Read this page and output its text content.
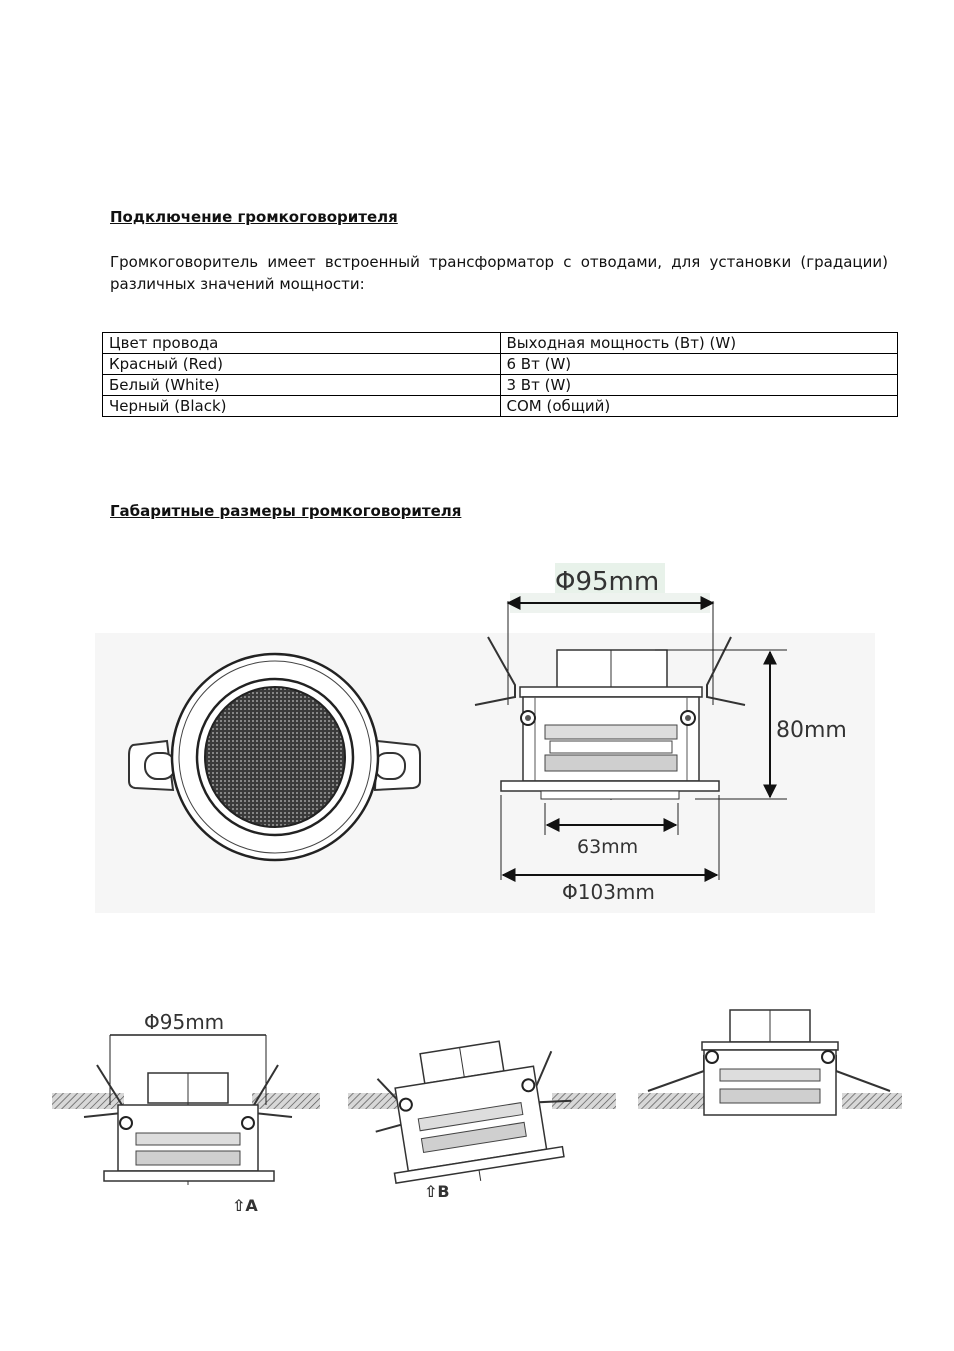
Подключение громкоговорителя

Громкоговоритель имеет встроенный трансформатор с отводами, для установки (градации) различных значений мощности:

Цвет провода	Выходная мощность (Вт) (W)
Красный (Red)	6 Вт (W)
Белый (White)	3 Вт (W)
Черный (Black)	COM (общий)

Габаритные размеры громкоговорителя

Φ95mm
80mm
63mm
Φ103mm
Φ95mm
⇧A
⇧B
